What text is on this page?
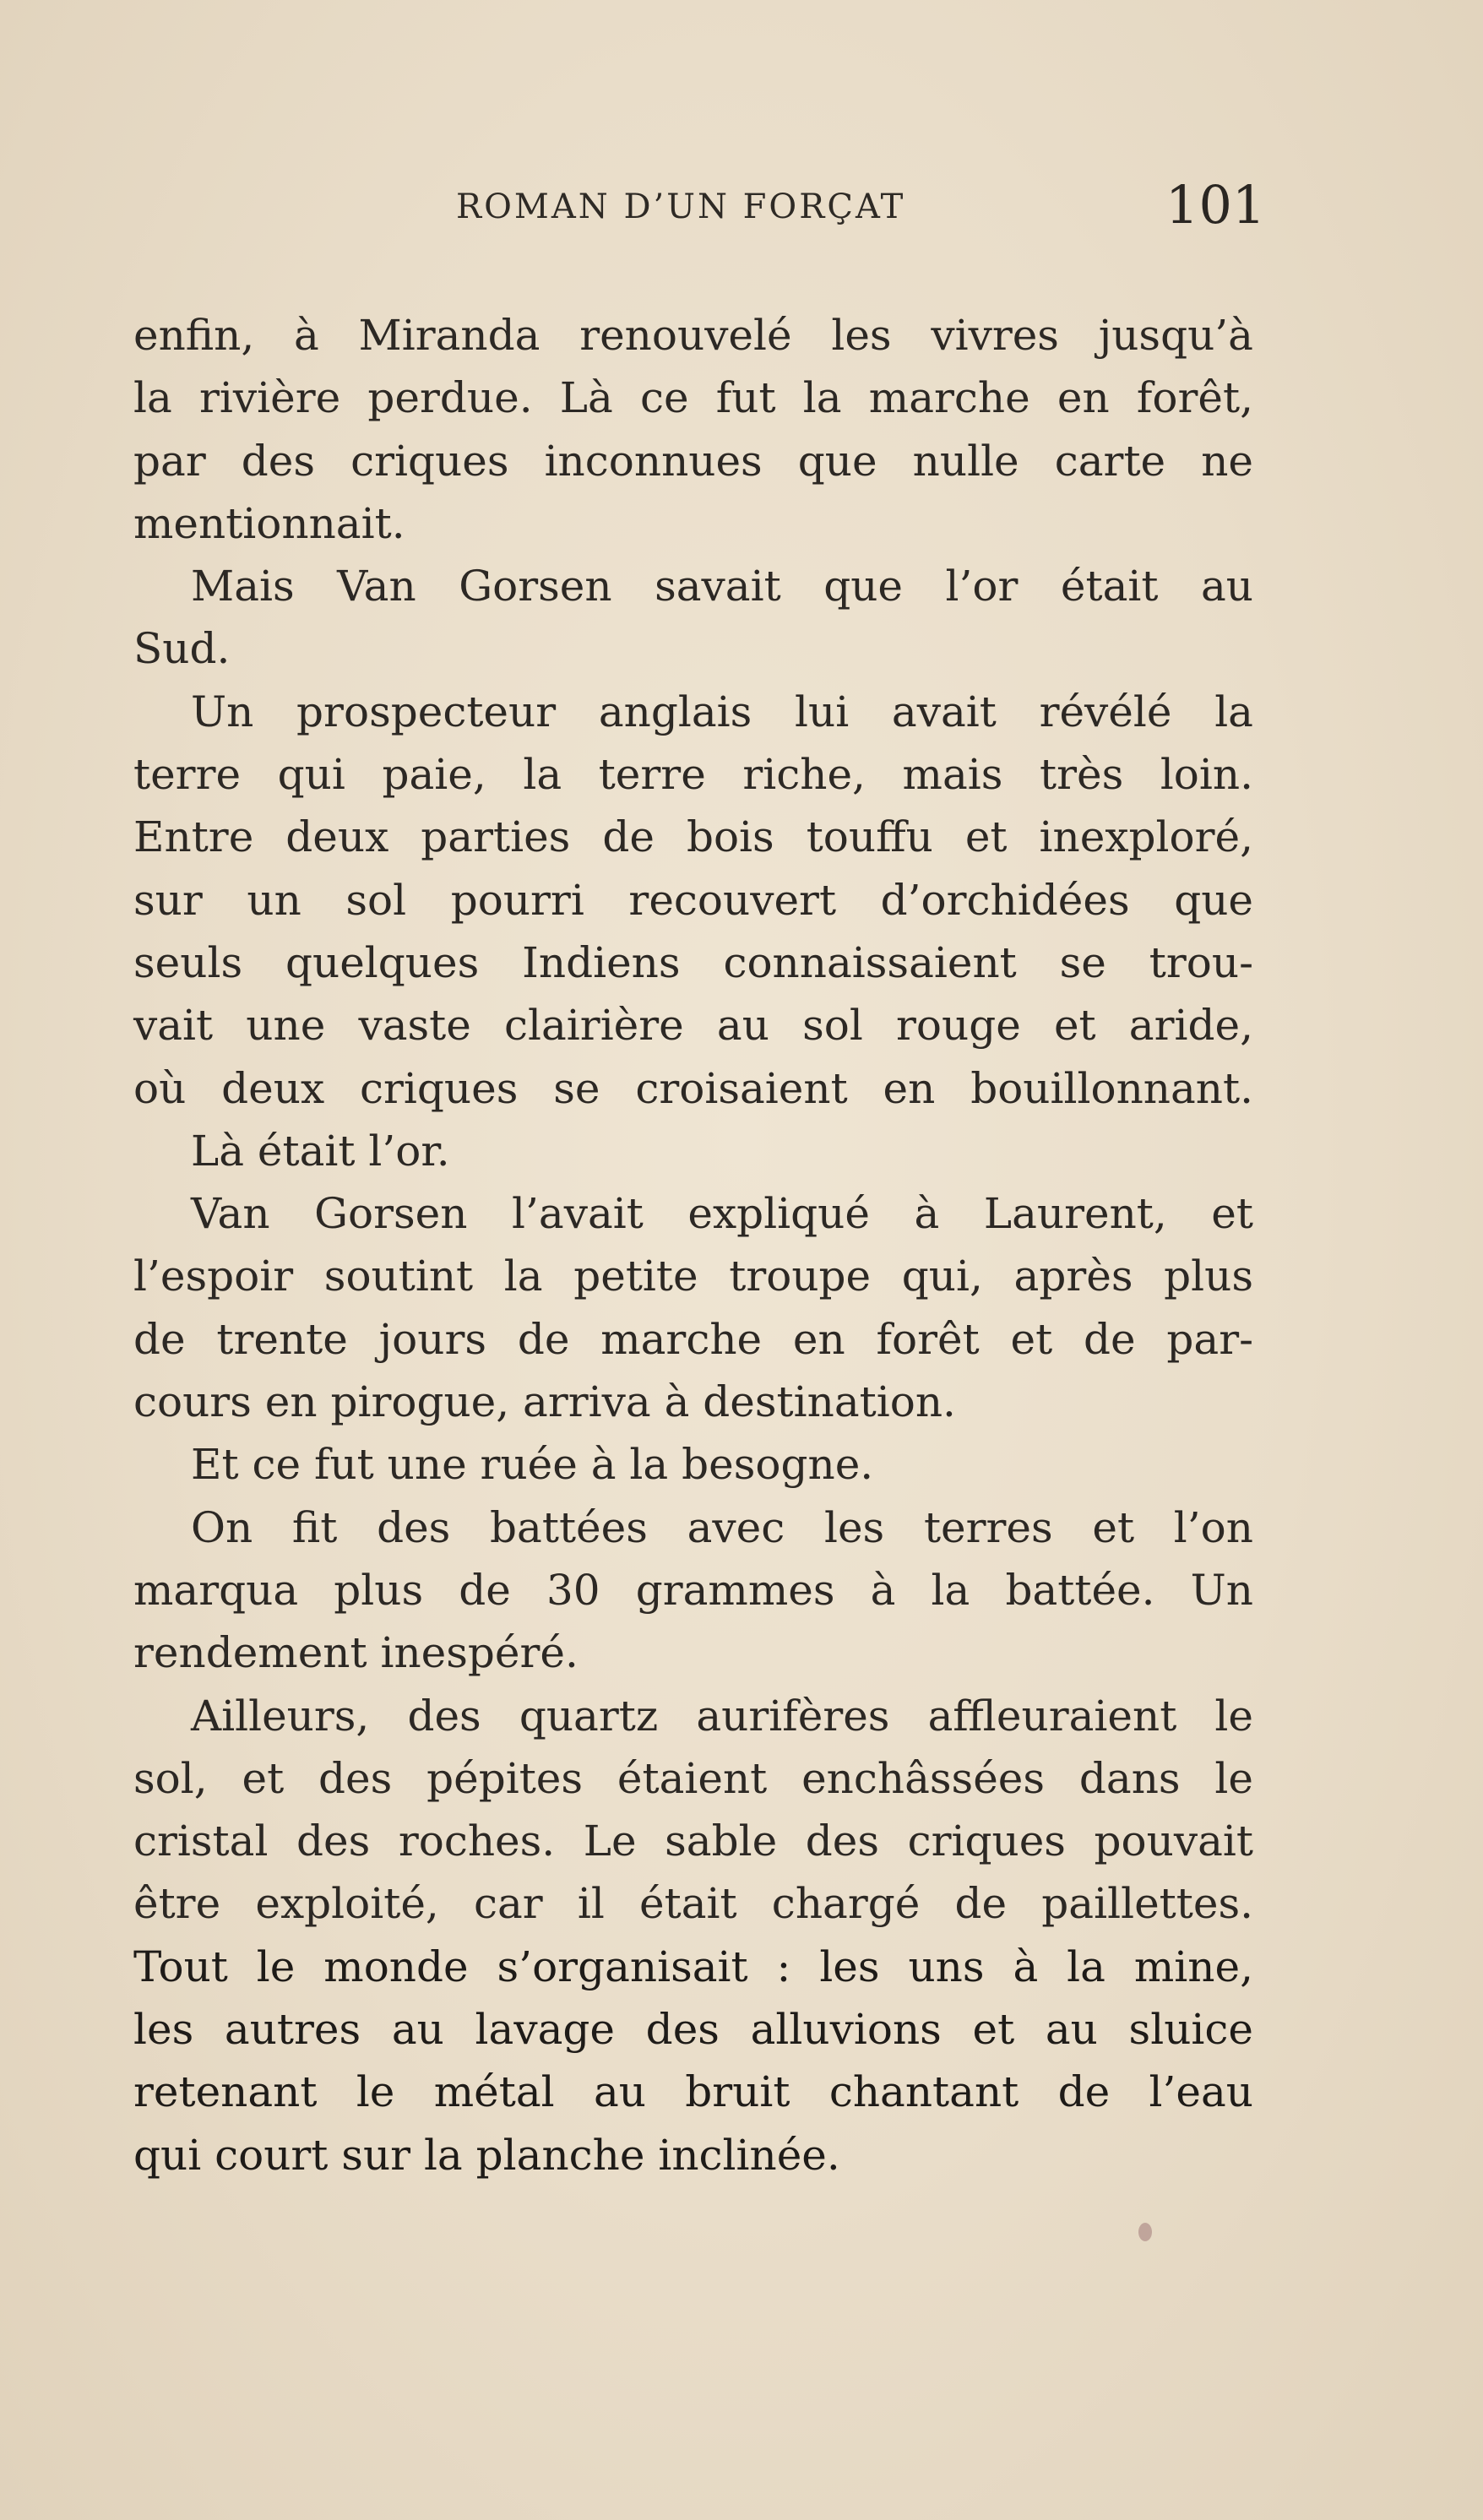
ROMAN D’UN FORÇAT	101
enfin, à Miranda renouvelé les vivres jusqu’à
la rivière perdue. Là ce fut la marche en forêt,
par des criques inconnues que nulle carte ne
mentionnait.
Mais Van Gorsen savait que l’or était au
Sud.
Un prospecteur anglais lui avait révélé la
terre qui paie, la terre riche, mais très loin.
Entre deux parties de bois touffu et inexploré,
sur un sol pourri recouvert d’orchidées que
seuls quelques Indiens connaissaient se trou-
vait une vaste clairière au sol rouge et aride,
où deux criques se croisaient en bouillonnant.
Là était l’or.
Van Gorsen l’avait expliqué à Laurent, et
l’espoir soutint la petite troupe qui, après plus
de trente jours de marche en forêt et de par-
cours en pirogue, arriva à destination.
Et ce fut une ruée à la besogne.
On fit des battées avec les terres et l’on
marqua plus de 30 grammes à la battée. Un
rendement inespéré.
Ailleurs, des quartz aurifères affleuraient le
sol, et des pépites étaient enchâssées dans le
cristal des roches. Le sable des criques pouvait
être exploité, car il était chargé de paillettes.
Tout le monde s’organisait : les uns à la mine,
les autres au lavage des alluvions et au sluice
retenant le métal au bruit chantant de l’eau
qui court sur la planche inclinée.
